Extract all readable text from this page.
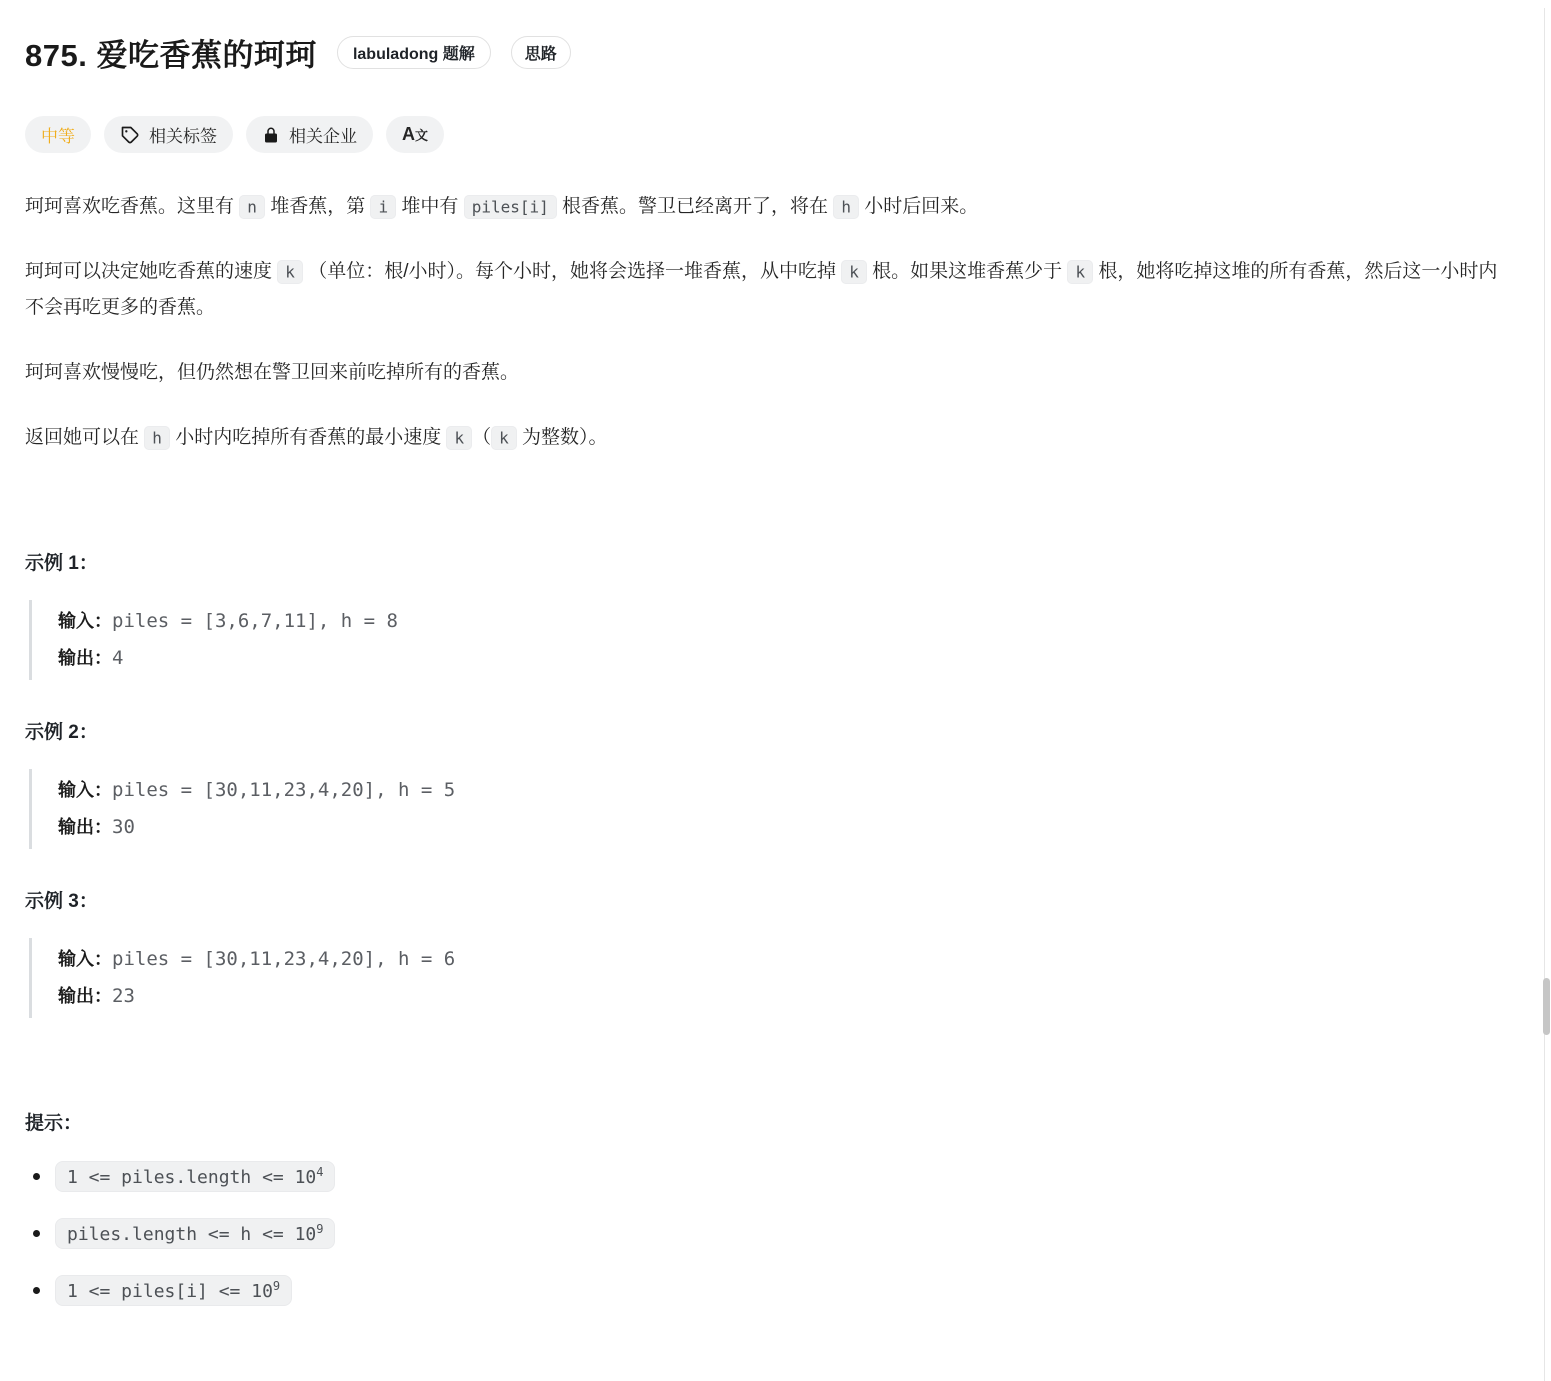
875. 爱吃香蕉的珂珂	labuladong 题解	思路
中等	相关标签	相关企业	A文

珂珂喜欢吃香蕉。这里有 n 堆香蕉，第 i 堆中有 piles[i] 根香蕉。警卫已经离开了，将在 h 小时后回来。

珂珂可以决定她吃香蕉的速度 k （单位：根/小时）。每个小时，她将会选择一堆香蕉，从中吃掉 k 根。如果这堆香蕉少于 k 根，她将吃掉这堆的所有香蕉，然后这一小时内不会再吃更多的香蕉。

珂珂喜欢慢慢吃，但仍然想在警卫回来前吃掉所有的香蕉。

返回她可以在 h 小时内吃掉所有香蕉的最小速度 k （ k 为整数）。

示例 1：

输入：piles = [3,6,7,11], h = 8
输出：4

示例 2：

输入：piles = [30,11,23,4,20], h = 5
输出：30

示例 3：

输入：piles = [30,11,23,4,20], h = 6
输出：23

提示：

1 <= piles.length <= $10^4$
piles.length <= $h <= 10^9$
1 <= piles[i] <= $10^9$
